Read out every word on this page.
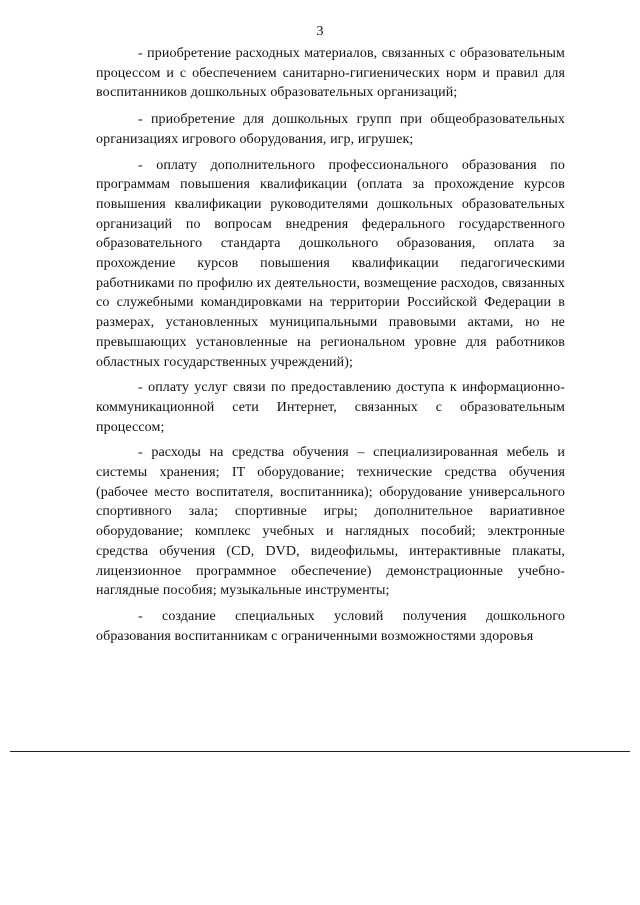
3

- приобретение расходных материалов, связанных с образовательным процессом и с обеспечением санитарно-гигиенических норм и правил для воспитанников дошкольных образовательных организаций;

- приобретение для дошкольных групп при общеобразовательных организациях игрового оборудования, игр, игрушек;

- оплату дополнительного профессионального образования по программам повышения квалификации (оплата за прохождение курсов повышения квалификации руководителями дошкольных образовательных организаций по вопросам внедрения федерального государственного образовательного стандарта дошкольного образования, оплата за прохождение курсов повышения квалификации педагогическими работниками по профилю их деятельности, возмещение расходов, связанных со служебными командировками на территории Российской Федерации в размерах, установленных муниципальными правовыми актами, но не превышающих установленные на региональном уровне для работников областных государственных учреждений);

- оплату услуг связи по предоставлению доступа к информационно-коммуникационной сети Интернет, связанных с образовательным процессом;

- расходы на средства обучения – специализированная мебель и системы хранения; IT оборудование; технические средства обучения (рабочее место воспитателя, воспитанника); оборудование универсального спортивного зала; спортивные игры; дополнительное вариативное оборудование; комплекс учебных и наглядных пособий; электронные средства обучения (CD, DVD, видеофильмы, интерактивные плакаты, лицензионное программное обеспечение) демонстрационные учебно-наглядные пособия; музыкальные инструменты;

- создание специальных условий получения дошкольного образования воспитанникам с ограниченными возможностями здоровья
